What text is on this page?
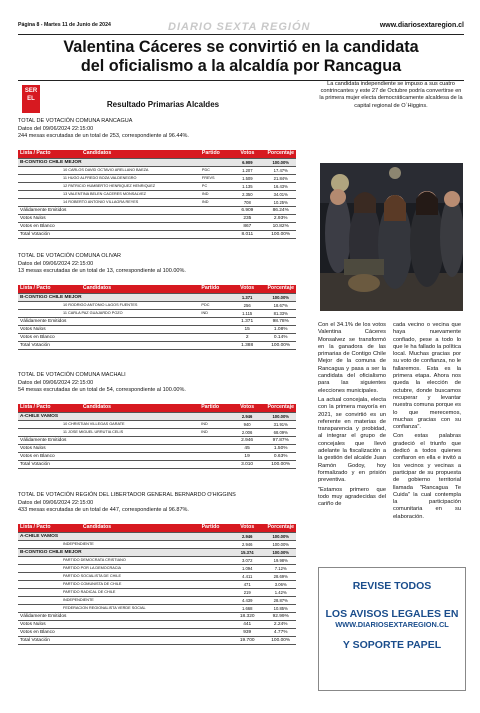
Página 8 - Martes 11 de Junio de 2024	DIARIO SEXTA REGIÓN	www.diariosextaregion.cl
Valentina Cáceres se convirtió en la candidata
del oficialismo a la alcaldía por Rancagua
SER
EL
Resultado Primarias Alcaldes
TOTAL DE VOTACIÓN COMUNA RANCAGUA
Datos del 09/06/2024 22:15:00
244 mesas escrutadas de un total de 253, correspondiente al 96.44%.
Lista / Pacto	Candidatos	Partido	Votos	Porcentaje
B-CONTIGO CHILE MEJOR			6.909	100.00%
10 CARLOS DAVID OCTAVIO ARELLANO BAEZA		PDC	1.207	17.47%
11 HUGO ALFREDO BOZA VALDENEGRO		FREVS	1.509	21.84%
12 PATRICIO HUMBERTO HENRIQUEZ HENRIQUEZ		PC	1.135	16.43%
13 VALENTINA BELEN CACERES MONSALVEZ		IND	2.350	34.01%
14 ROBERTO ANTONIO VILLAGRA REYES		IND	708	10.25%
Válidamente Emitidos			6.909	86.24%
Votos Nulos			235	2.93%
Votos en Blanco			867	10.82%
Total Votación			8.011	100.00%
TOTAL DE VOTACIÓN COMUNA OLIVAR
Datos del 09/06/2024 22:15:00
13 mesas escrutadas de un total de 13, correspondiente al 100.00%.
Lista / Pacto	Candidatos	Partido	Votos	Porcentaje
B-CONTIGO CHILE MEJOR			1.371	100.00%
10 RODRIGO ANTONIO LAGOS FUENTES		PDC	256	18.67%
11 CARLA PAZ GUAJARDO POZO		IND	1.115	81.33%
Válidamente Emitidos			1.371	98.78%
Votos Nulos			15	1.08%
Votos en Blanco			2	0.14%
Total Votación			1.388	100.00%
TOTAL DE VOTACIÓN COMUNA MACHALI
Datos del 09/06/2024 22:15:00
54 mesas escrutadas de un total de 54, correspondiente al 100.00%.
Lista / Pacto	Candidatos	Partido	Votos	Porcentaje
A-CHILE VAMOS			2.946	100.00%
10 CHRISTIAN VILLEGAS GARATE		IND	940	31.91%
11 JOSE MIGUEL URRUTIA CELIS		IND	2.006	68.09%
Válidamente Emitidos			2.946	97.87%
Votos Nulos			45	1.50%
Votos en Blanco			19	0.63%
Total Votación			3.010	100.00%
TOTAL DE VOTACIÓN REGIÓN DEL LIBERTADOR GENERAL BERNARDO O'HIGGINS
Datos del 09/06/2024 22:15:00
433 mesas escrutadas de un total de 447, correspondiente al 96.87%.
Lista / Pacto	Candidatos	Partido	Votos	Porcentaje
A-CHILE VAMOS			2.946	100.00%
INDEPENDIENTE			2.946	100.00%
B-CONTIGO CHILE MEJOR			15.374	100.00%
PARTIDO DEMOCRATA CRISTIANO			3.072	19.98%
PARTIDO POR LA DEMOCRACIA			1.094	7.12%
PARTIDO SOCIALISTA DE CHILE			4.411	28.69%
PARTIDO COMUNISTA DE CHILE			471	3.06%
PARTIDO RADICAL DE CHILE			219	1.42%
INDEPENDIENTE			4.439	28.87%
FEDERACION REGIONALISTA VERDE SOCIAL			1.668	10.85%
Válidamente Emitidos			18.320	92.99%
Votos Nulos			441	2.24%
Votos en Blanco			939	4.77%
Total Votación			19.700	100.00%
La candidata independiente se impuso a sus cuatro contrincantes y este 27 de Octubre podría convertirse en la primera mujer electa democráticamente alcaldesa de la capital regional de O´Higgins.

Con el 34.1% de los votos Valentina Cáceres Monsalvez se transformó en la ganadora de las primarias de Contigo Chile Mejor de la comuna de Rancagua y pasa a ser la candidata del oficialismo para las siguientes elecciones municipales.

La actual concejala, electa con la primera mayoría en 2021, se convirtió es un referente en materias de transparencia y probidad, al integrar el grupo de concejales que llevó adelante la fiscalización a la gestión del alcalde Juan Ramón Godoy, hoy formalizado y en prisión preventiva.

"Estamos primero que todo muy agradecidas del cariño de

cada vecino o vecina que haya nuevamente confiado, pese a todo lo que le ha fallado la política local. Muchas gracias por su voto de confianza, no le fallaremos. Esta es la primera etapa. Ahora nos queda la elección de octubre, donde buscamos recuperar y levantar nuestra comuna porque es lo que merecemos, muchas gracias con su confianza".

Con estas palabras gradeció el triunfo que dedicó a todos quienes confiaron en ella e invitó a los vecinos y vecinas a participar de su propuesta de gobierno territorial llamada "Rancagua Te Cuida" la cual contempla la participación comunitaria en su elaboración.

REVISE TODOS
LOS AVISOS LEGALES EN
WWW.DIARIOSEXTAREGION.CL
Y SOPORTE PAPEL
